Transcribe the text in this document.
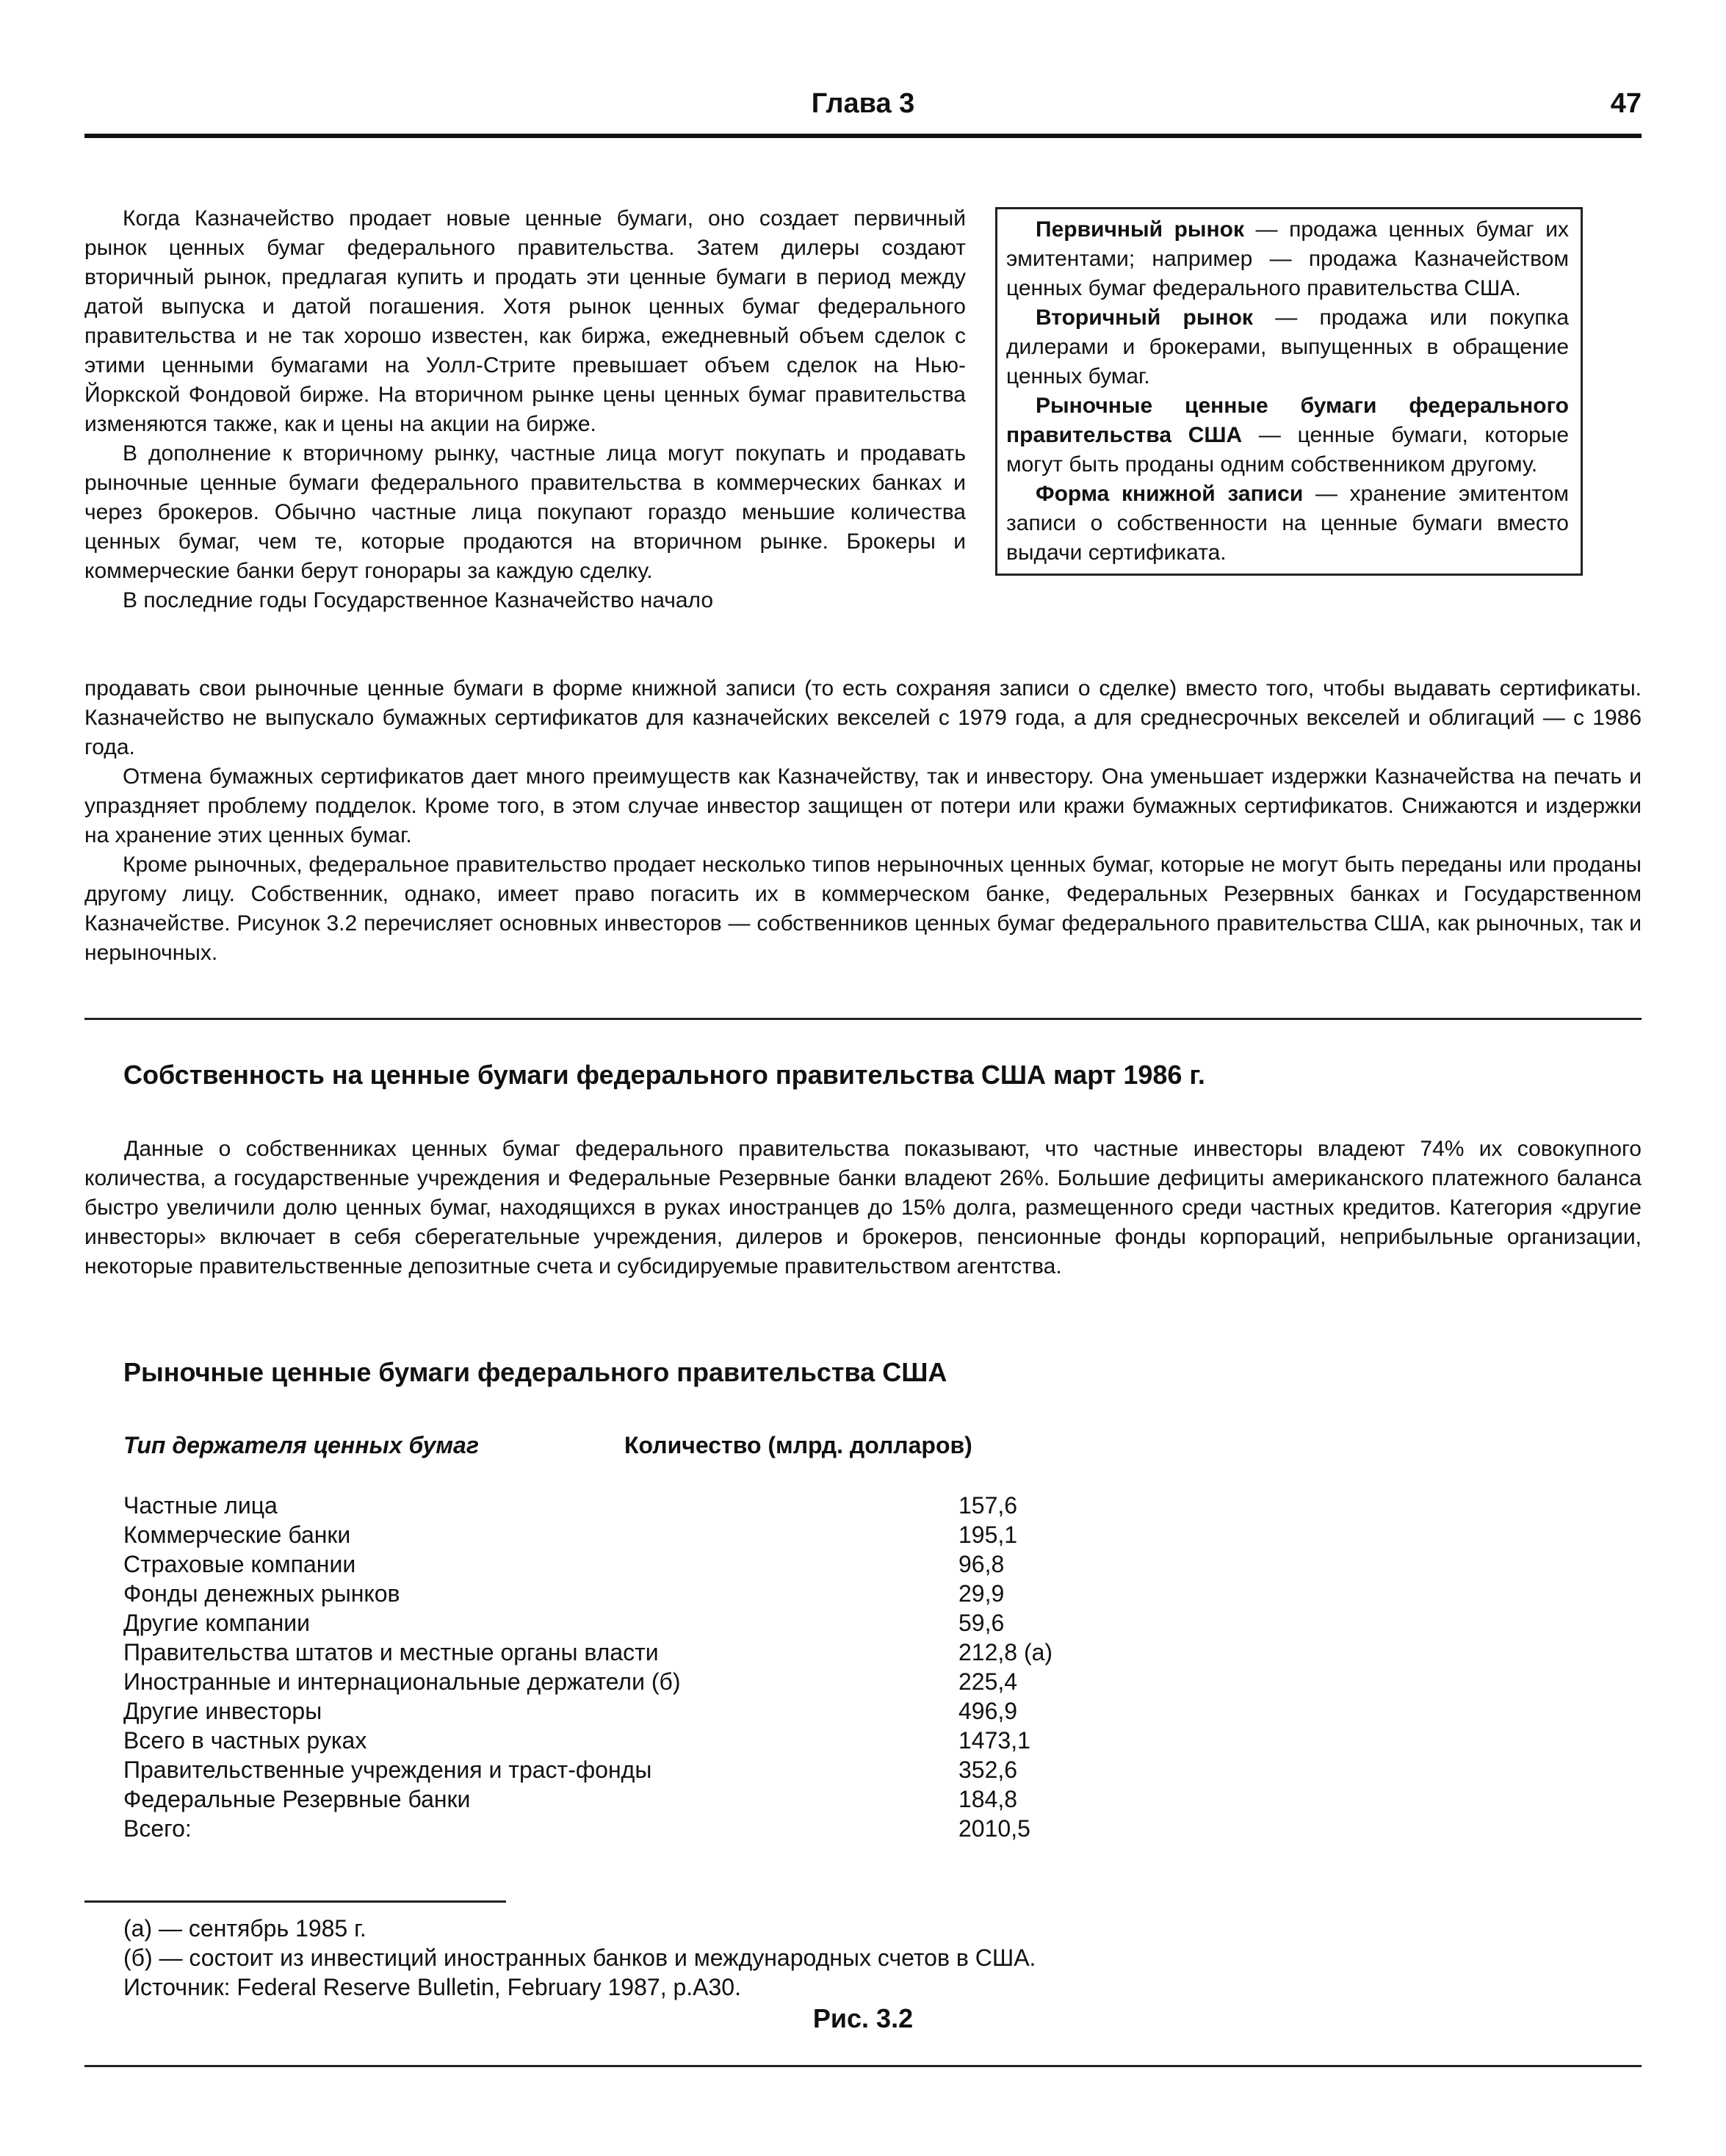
Глава 3	47

Когда Казначейство продает новые ценные бумаги, оно создает первичный рынок ценных бумаг федерального правительства. Затем дилеры создают вторичный рынок, предлагая купить и продать эти ценные бумаги в период между датой выпуска и датой погашения. Хотя рынок ценных бумаг федерального правительства и не так хорошо известен, как биржа, ежедневный объем сделок с этими ценными бумагами на Уолл-Стрите превышает объем сделок на Нью-Йоркской Фондовой бирже. На вторичном рынке цены ценных бумаг правительства изменяются также, как и цены на акции на бирже.

В дополнение к вторичному рынку, частные лица могут покупать и продавать рыночные ценные бумаги федерального правительства в коммерческих банках и через брокеров. Обычно частные лица покупают гораздо меньшие количества ценных бумаг, чем те, которые продаются на вторичном рынке. Брокеры и коммерческие банки берут гонорары за каждую сделку.

В последние годы Государственное Казначейство начало

Первичный рынок — продажа ценных бумаг их эмитентами; например — продажа Казначейством ценных бумаг федерального правительства США.

Вторичный рынок — продажа или покупка дилерами и брокерами, выпущенных в обращение ценных бумаг.

Рыночные ценные бумаги федерального правительства США — ценные бумаги, которые могут быть проданы одним собственником другому.

Форма книжной записи — хранение эмитентом записи о собственности на ценные бумаги вместо выдачи сертификата.

продавать свои рыночные ценные бумаги в форме книжной записи (то есть сохраняя записи о сделке) вместо того, чтобы выдавать сертификаты. Казначейство не выпускало бумажных сертификатов для казначейских векселей с 1979 года, а для среднесрочных векселей и облигаций — с 1986 года.

Отмена бумажных сертификатов дает много преимуществ как Казначейству, так и инвестору. Она уменьшает издержки Казначейства на печать и упраздняет проблему подделок. Кроме того, в этом случае инвестор защищен от потери или кражи бумажных сертификатов. Снижаются и издержки на хранение этих ценных бумаг.

Кроме рыночных, федеральное правительство продает несколько типов нерыночных ценных бумаг, которые не могут быть переданы или проданы другому лицу. Собственник, однако, имеет право погасить их в коммерческом банке, Федеральных Резервных банках и Государственном Казначействе. Рисунок 3.2 перечисляет основных инвесторов — собственников ценных бумаг федерального правительства США, как рыночных, так и нерыночных.

Собственность на ценные бумаги федерального правительства США март 1986 г.

Данные о собственниках ценных бумаг федерального правительства показывают, что частные инвесторы владеют 74% их совокупного количества, а государственные учреждения и Федеральные Резервные банки владеют 26%. Большие дефициты американского платежного баланса быстро увеличили долю ценных бумаг, находящихся в руках иностранцев до 15% долга, размещенного среди частных кредитов. Категория «другие инвесторы» включает в себя сберегательные учреждения, дилеров и брокеров, пенсионные фонды корпораций, неприбыльные организации, некоторые правительственные депозитные счета и субсидируемые правительством агентства.

Рыночные ценные бумаги федерального правительства США
Тип держателя ценных бумаг	Количество (млрд. долларов)
Частные лица	157,6
Коммерческие банки	195,1
Страховые компании	96,8
Фонды денежных рынков	29,9
Другие компании	59,6
Правительства штатов и местные органы власти	212,8 (а)
Иностранные и интернациональные держатели (б)	225,4
Другие инвесторы	496,9
Всего в частных руках	1473,1
Правительственные учреждения и траст-фонды	352,6
Федеральные Резервные банки	184,8
Всего:	2010,5
(а) — сентябрь 1985 г.
(б) — состоит из инвестиций иностранных банков и международных счетов в США.
Источник: Federal Reserve Bulletin, February 1987, p.A30.
Рис. 3.2
